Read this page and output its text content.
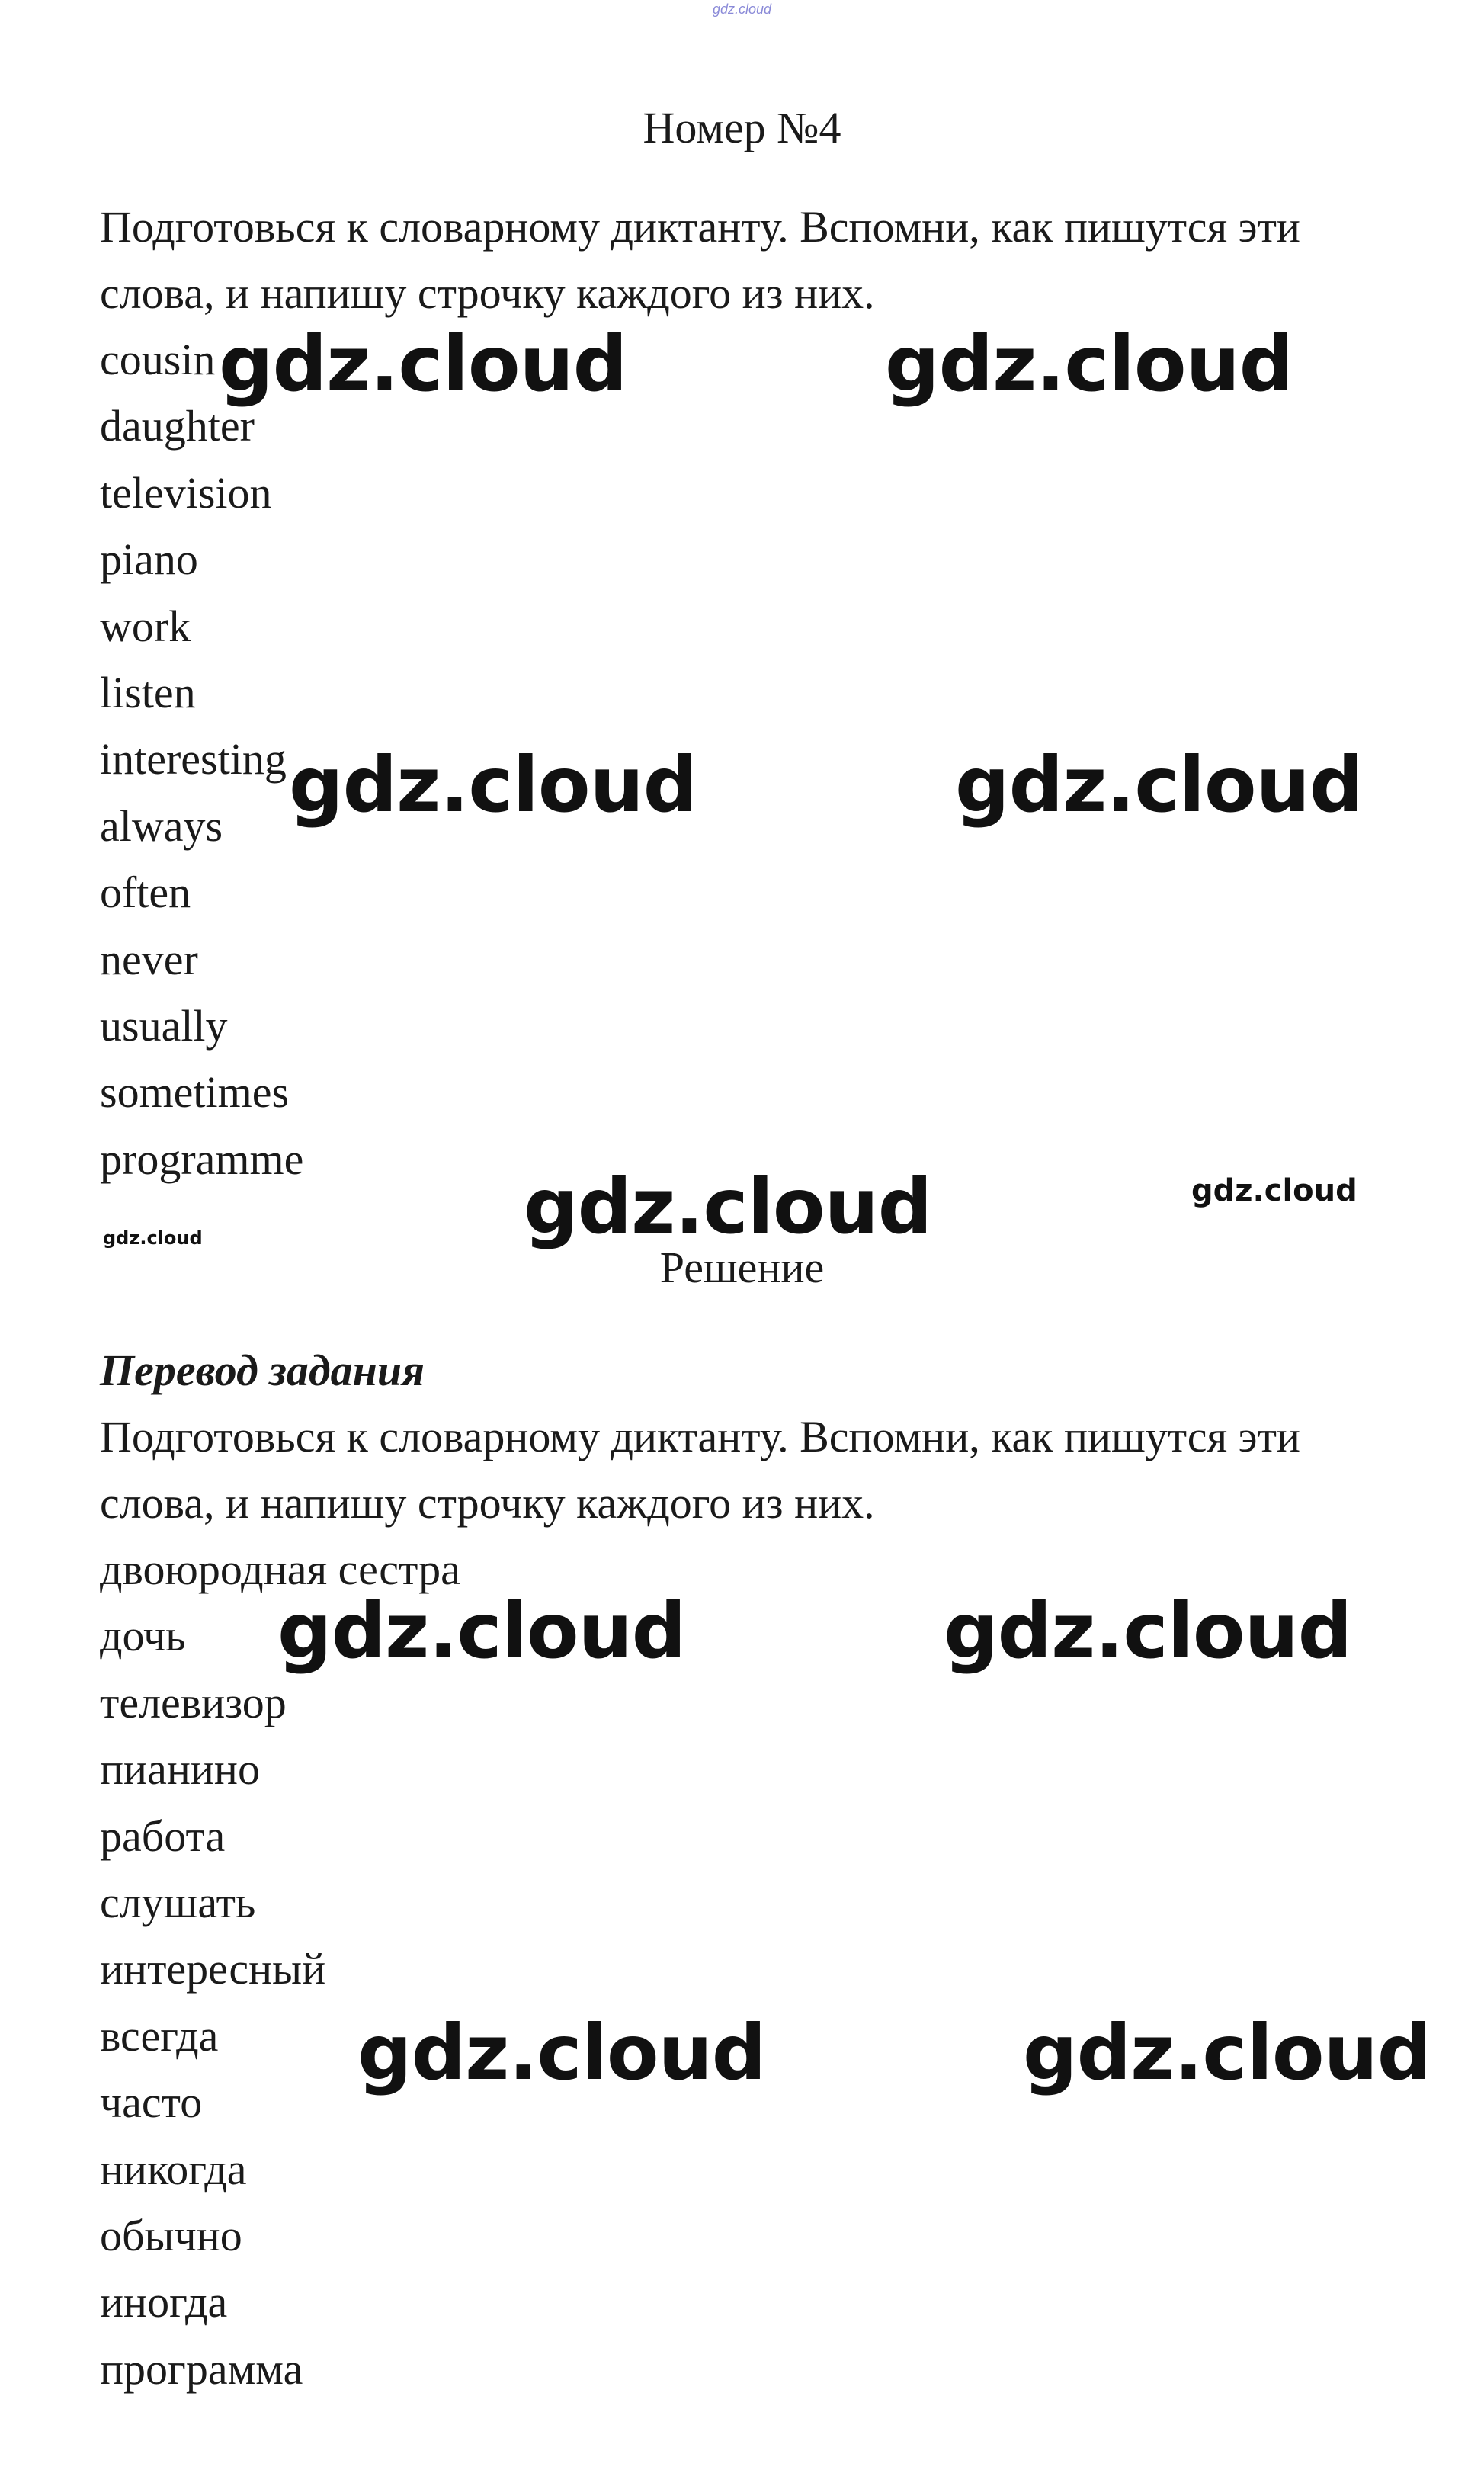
gdz.cloud
Номер №4

Подготовься к словарному диктанту. Вспомни, как пишутся эти

слова, и напишу строчку каждого из них.

cousin
daughter
television
piano
work
listen
interesting
always
often
never
usually
sometimes
programme
Решение

Перевод задания

Подготовься к словарному диктанту. Вспомни, как пишутся эти

слова, и напишу строчку каждого из них.

двоюродная сестра
дочь
телевизор
пианино
работа
слушать
интересный
всегда
часто
никогда
обычно
иногда
программа
gdz.cloud	gdz.cloud
gdz.cloud	gdz.cloud
gdz.cloud	gdz.cloud
gdz.cloud
gdz.cloud	gdz.cloud
gdz.cloud	gdz.cloud
